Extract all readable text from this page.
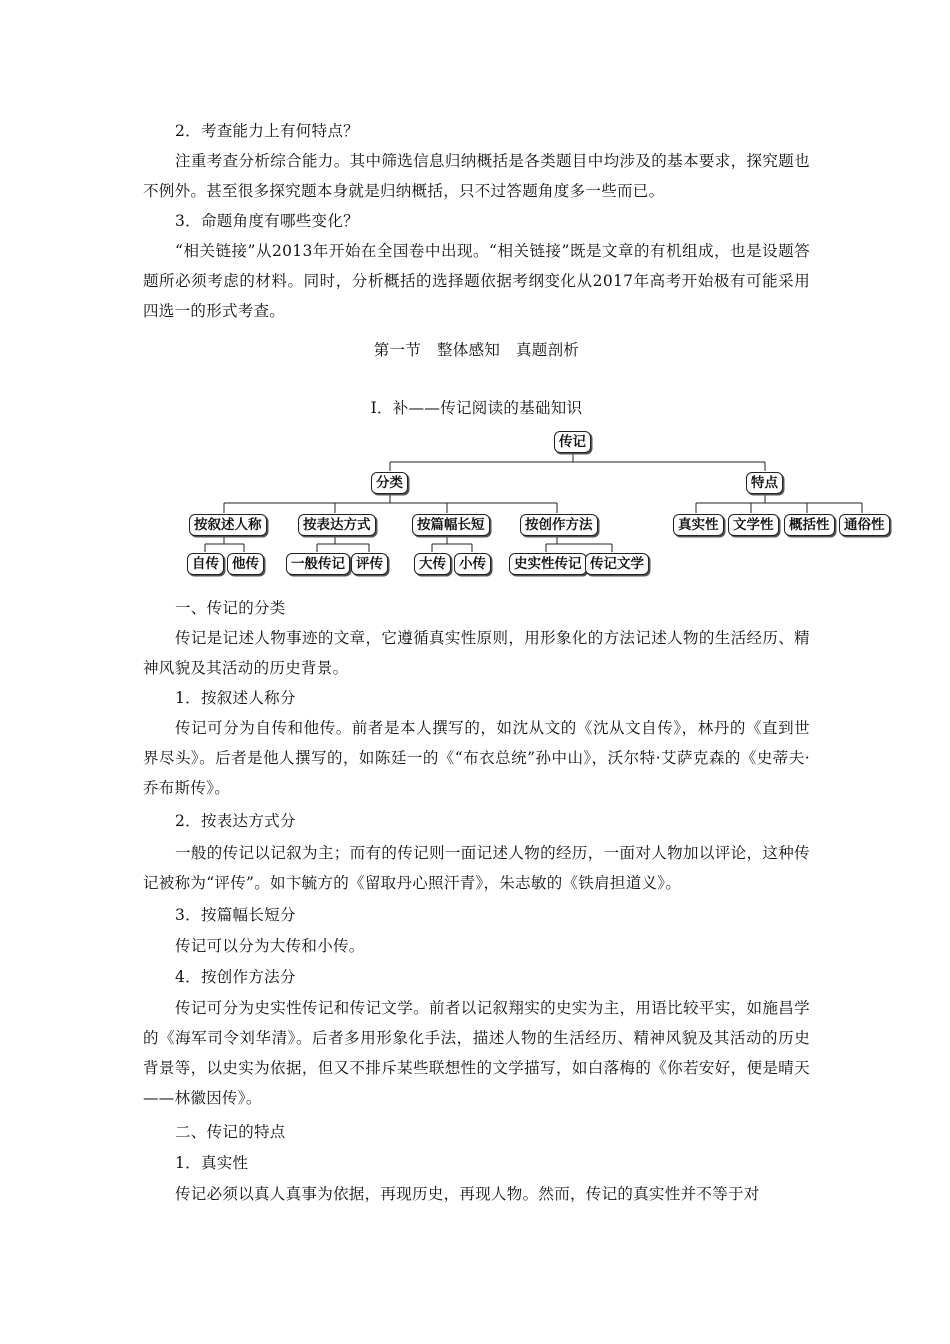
2．考查能力上有何特点？

注重考查分析综合能力。其中筛选信息归纳概括是各类题目中均涉及的基本要求，探究题也不例外。甚至很多探究题本身就是归纳概括，只不过答题角度多一些而已。

3．命题角度有哪些变化？

“相关链接”从2013年开始在全国卷中出现。“相关链接”既是文章的有机组成，也是设题答题所必须考虑的材料。同时，分析概括的选择题依据考纲变化从2017年高考开始极有可能采用四选一的形式考查。

第一节　整体感知　真题剖析

Ⅰ．补——传记阅读的基础知识

传记
分类	特点
按叙述人称	按表达方式	按篇幅长短	按创作方法	真实性	文学性	概括性	通俗性
自传 他传	一般传记 评传	大传 小传	史实性传记 传记文学

一、传记的分类

传记是记述人物事迹的文章，它遵循真实性原则，用形象化的方法记述人物的生活经历、精神风貌及其活动的历史背景。

1．按叙述人称分

传记可分为自传和他传。前者是本人撰写的，如沈从文的《沈从文自传》，林丹的《直到世界尽头》。后者是他人撰写的，如陈廷一的《“布衣总统”孙中山》，沃尔特·艾萨克森的《史蒂夫·乔布斯传》。

2．按表达方式分

一般的传记以记叙为主；而有的传记则一面记述人物的经历，一面对人物加以评论，这种传记被称为“评传”。如卞毓方的《留取丹心照汗青》，朱志敏的《铁肩担道义》。

3．按篇幅长短分

传记可以分为大传和小传。

4．按创作方法分

传记可分为史实性传记和传记文学。前者以记叙翔实的史实为主，用语比较平实，如施昌学的《海军司令刘华清》。后者多用形象化手法，描述人物的生活经历、精神风貌及其活动的历史背景等，以史实为依据，但又不排斥某些联想性的文学描写，如白落梅的《你若安好，便是晴天——林徽因传》。

二、传记的特点

1．真实性

传记必须以真人真事为依据，再现历史，再现人物。然而，传记的真实性并不等于对
